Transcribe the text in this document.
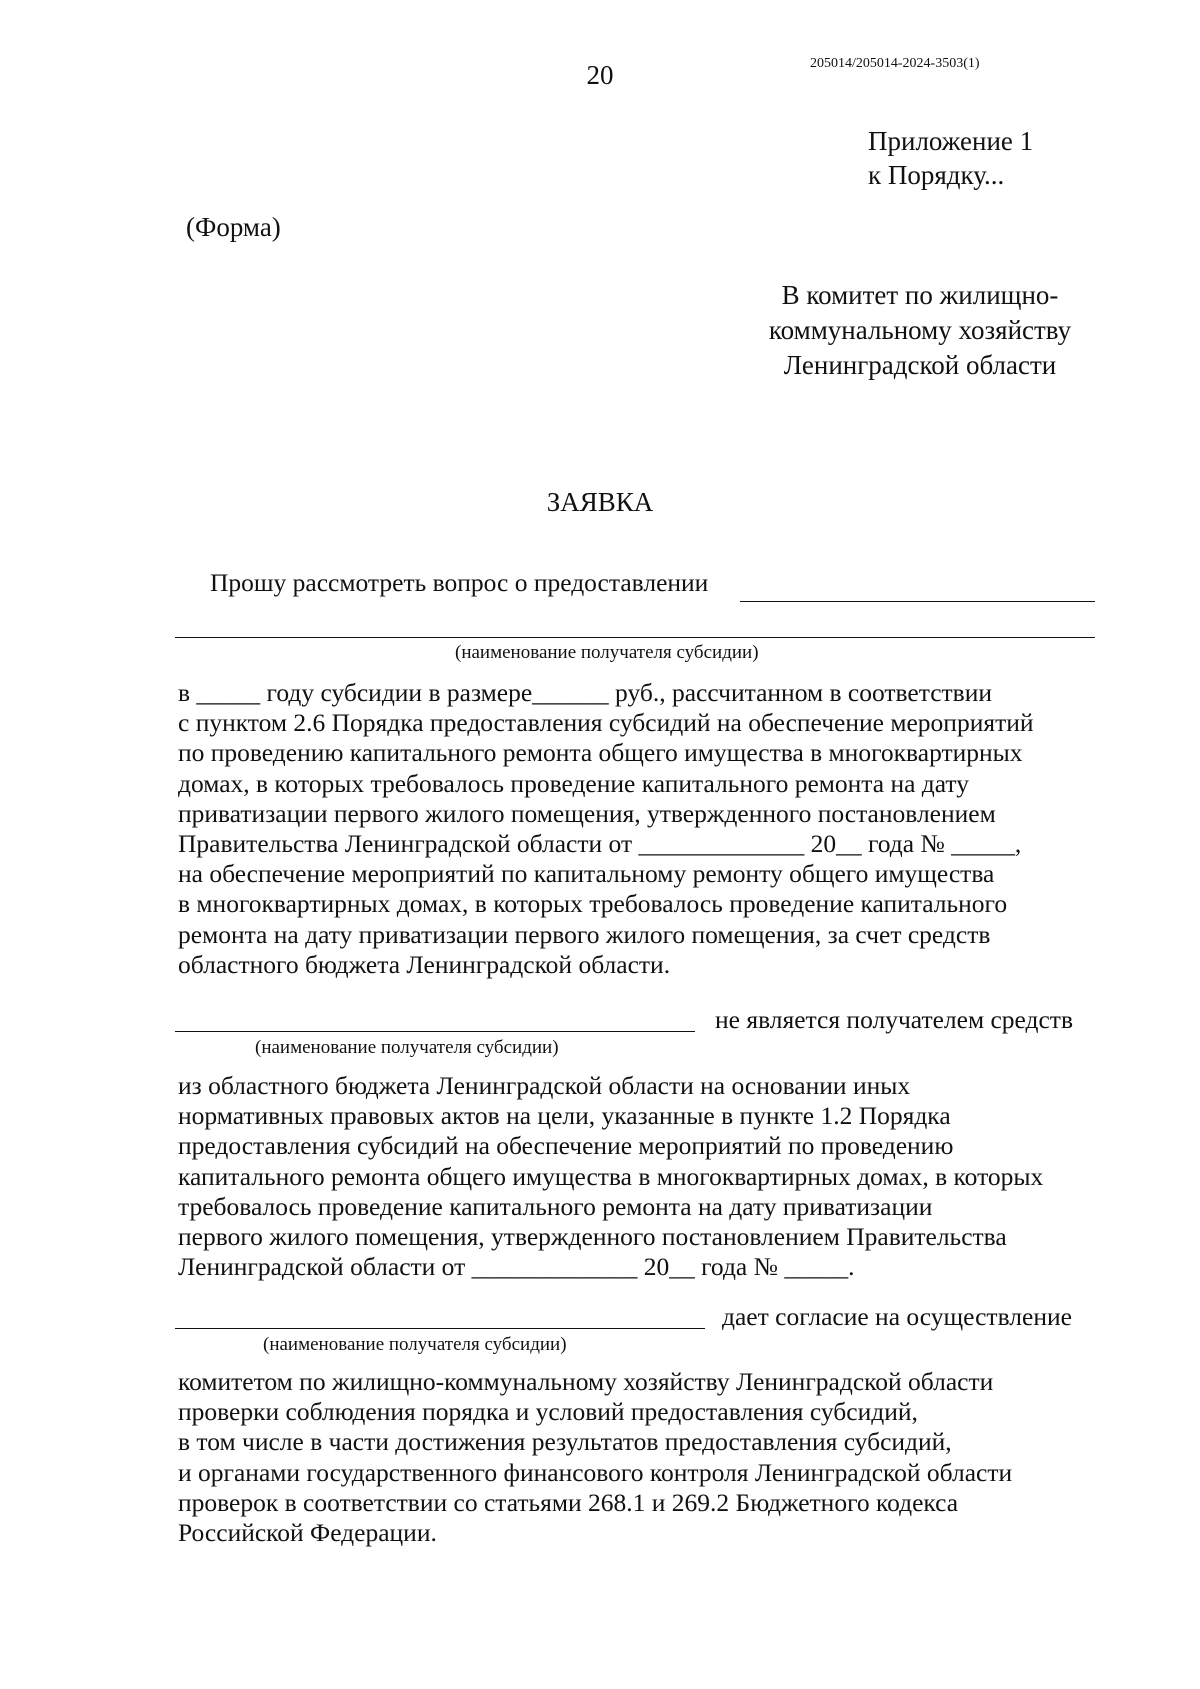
20	205014/205014-2024-3503(1)
Приложение 1
к Порядку...
(Форма)
В комитет по жилищно-
коммунальному хозяйству
Ленинградской области
ЗАЯВКА
Прошу рассмотреть вопрос о предоставлении
(наименование получателя субсидии)
в _____ году субсидии в размере______ руб., рассчитанном в соответствии
с пунктом 2.6 Порядка предоставления субсидий на обеспечение мероприятий
по проведению капитального ремонта общего имущества в многоквартирных
домах, в которых требовалось проведение капитального ремонта на дату
приватизации первого жилого помещения, утвержденного постановлением
Правительства Ленинградской области от _____________ 20__ года № _____,
на обеспечение мероприятий по капитальному ремонту общего имущества
в многоквартирных домах, в которых требовалось проведение капитального
ремонта на дату приватизации первого жилого помещения, за счет средств
областного бюджета Ленинградской области.
не является получателем средств
(наименование получателя субсидии)
из областного бюджета Ленинградской области на основании иных
нормативных правовых актов на цели, указанные в пункте 1.2 Порядка
предоставления субсидий на обеспечение мероприятий по проведению
капитального ремонта общего имущества в многоквартирных домах, в которых
требовалось проведение капитального ремонта на дату приватизации
первого жилого помещения, утвержденного постановлением Правительства
Ленинградской области от _____________ 20__ года № _____.
дает согласие на осуществление
(наименование получателя субсидии)
комитетом по жилищно-коммунальному хозяйству Ленинградской области
проверки соблюдения порядка и условий предоставления субсидий,
в том числе в части достижения результатов предоставления субсидий,
и органами государственного финансового контроля Ленинградской области
проверок в соответствии со статьями 268.1 и 269.2 Бюджетного кодекса
Российской Федерации.
